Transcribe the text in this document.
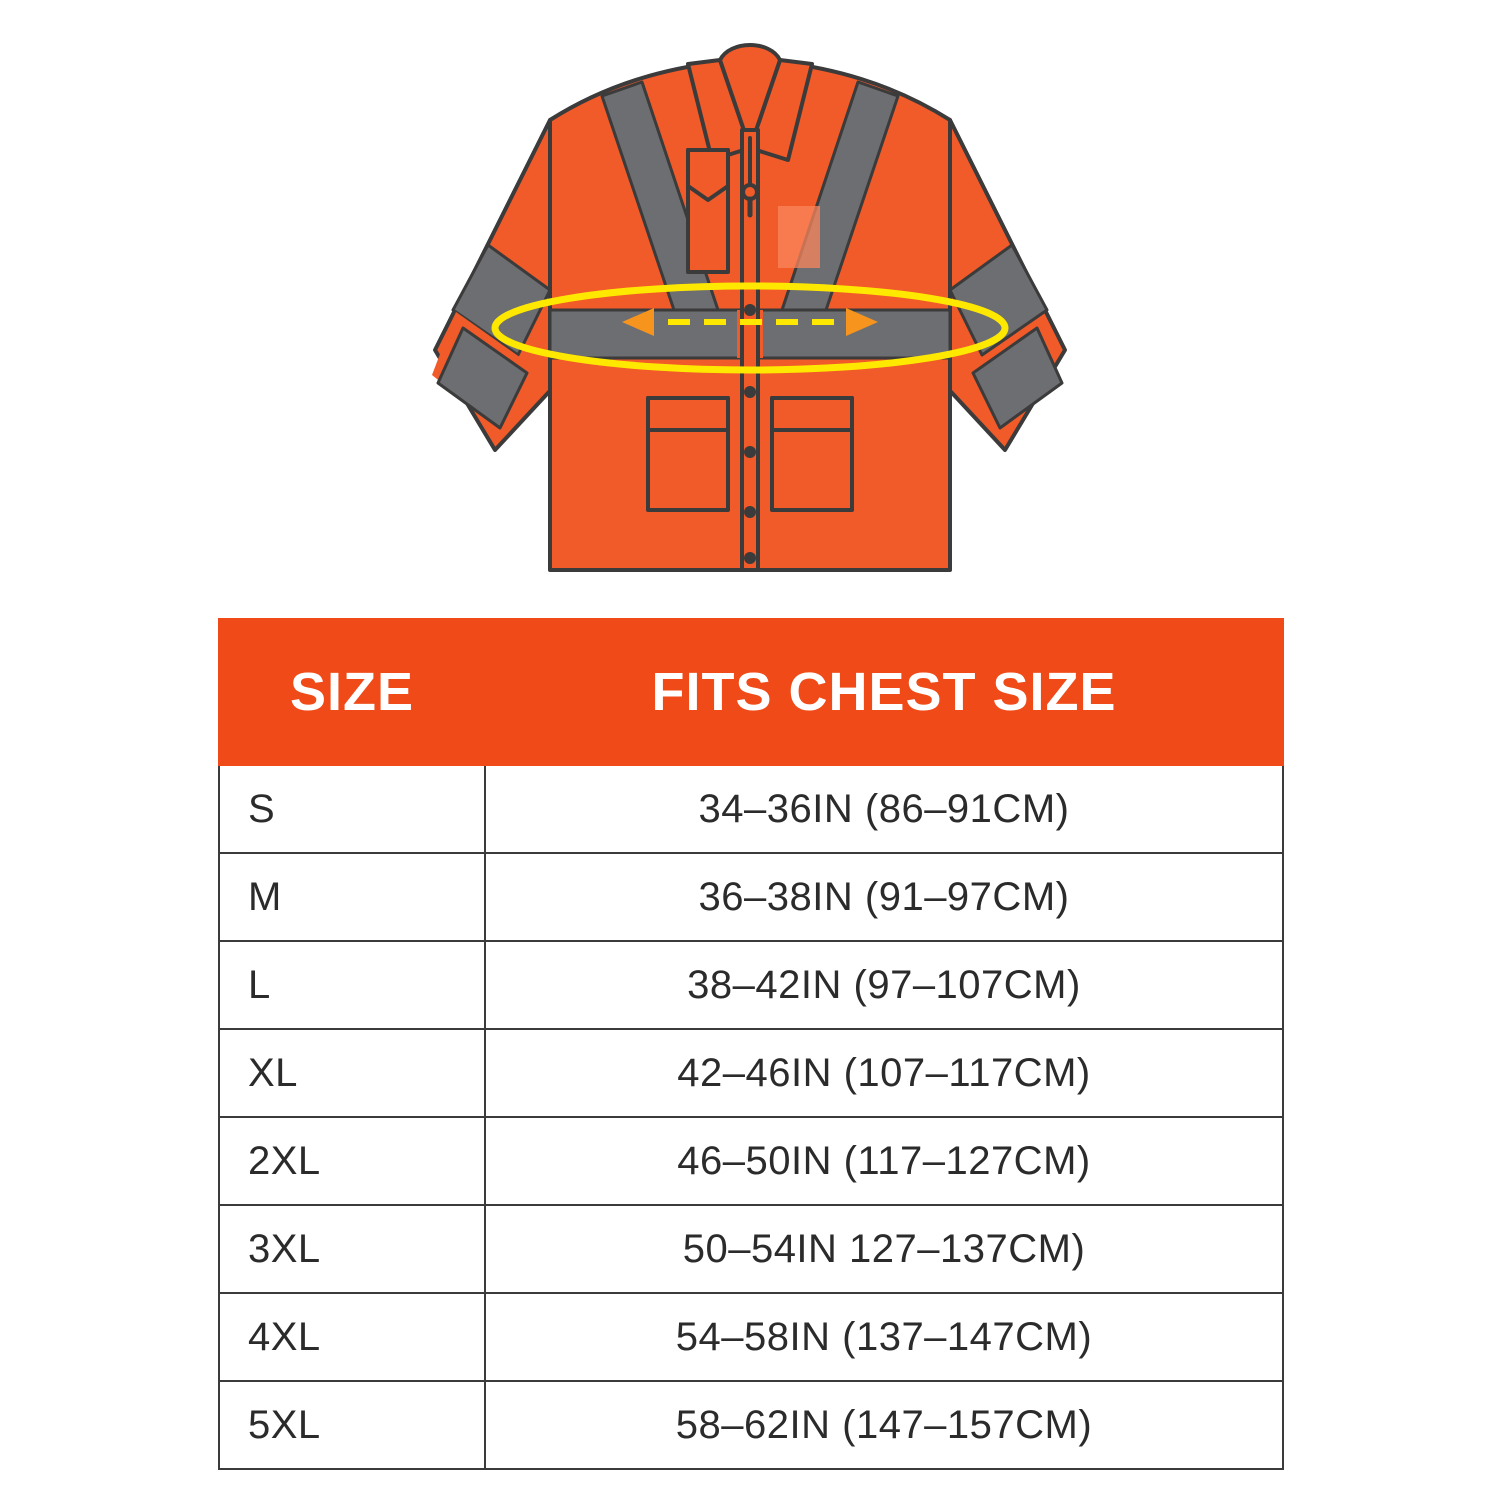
SIZE	FITS CHEST SIZE
S	34–36IN (86–91CM)
M	36–38IN (91–97CM)
L	38–42IN (97–107CM)
XL	42–46IN (107–117CM)
2XL	46–50IN (117–127CM)
3XL	50–54IN 127–137CM)
4XL	54–58IN (137–147CM)
5XL	58–62IN (147–157CM)
